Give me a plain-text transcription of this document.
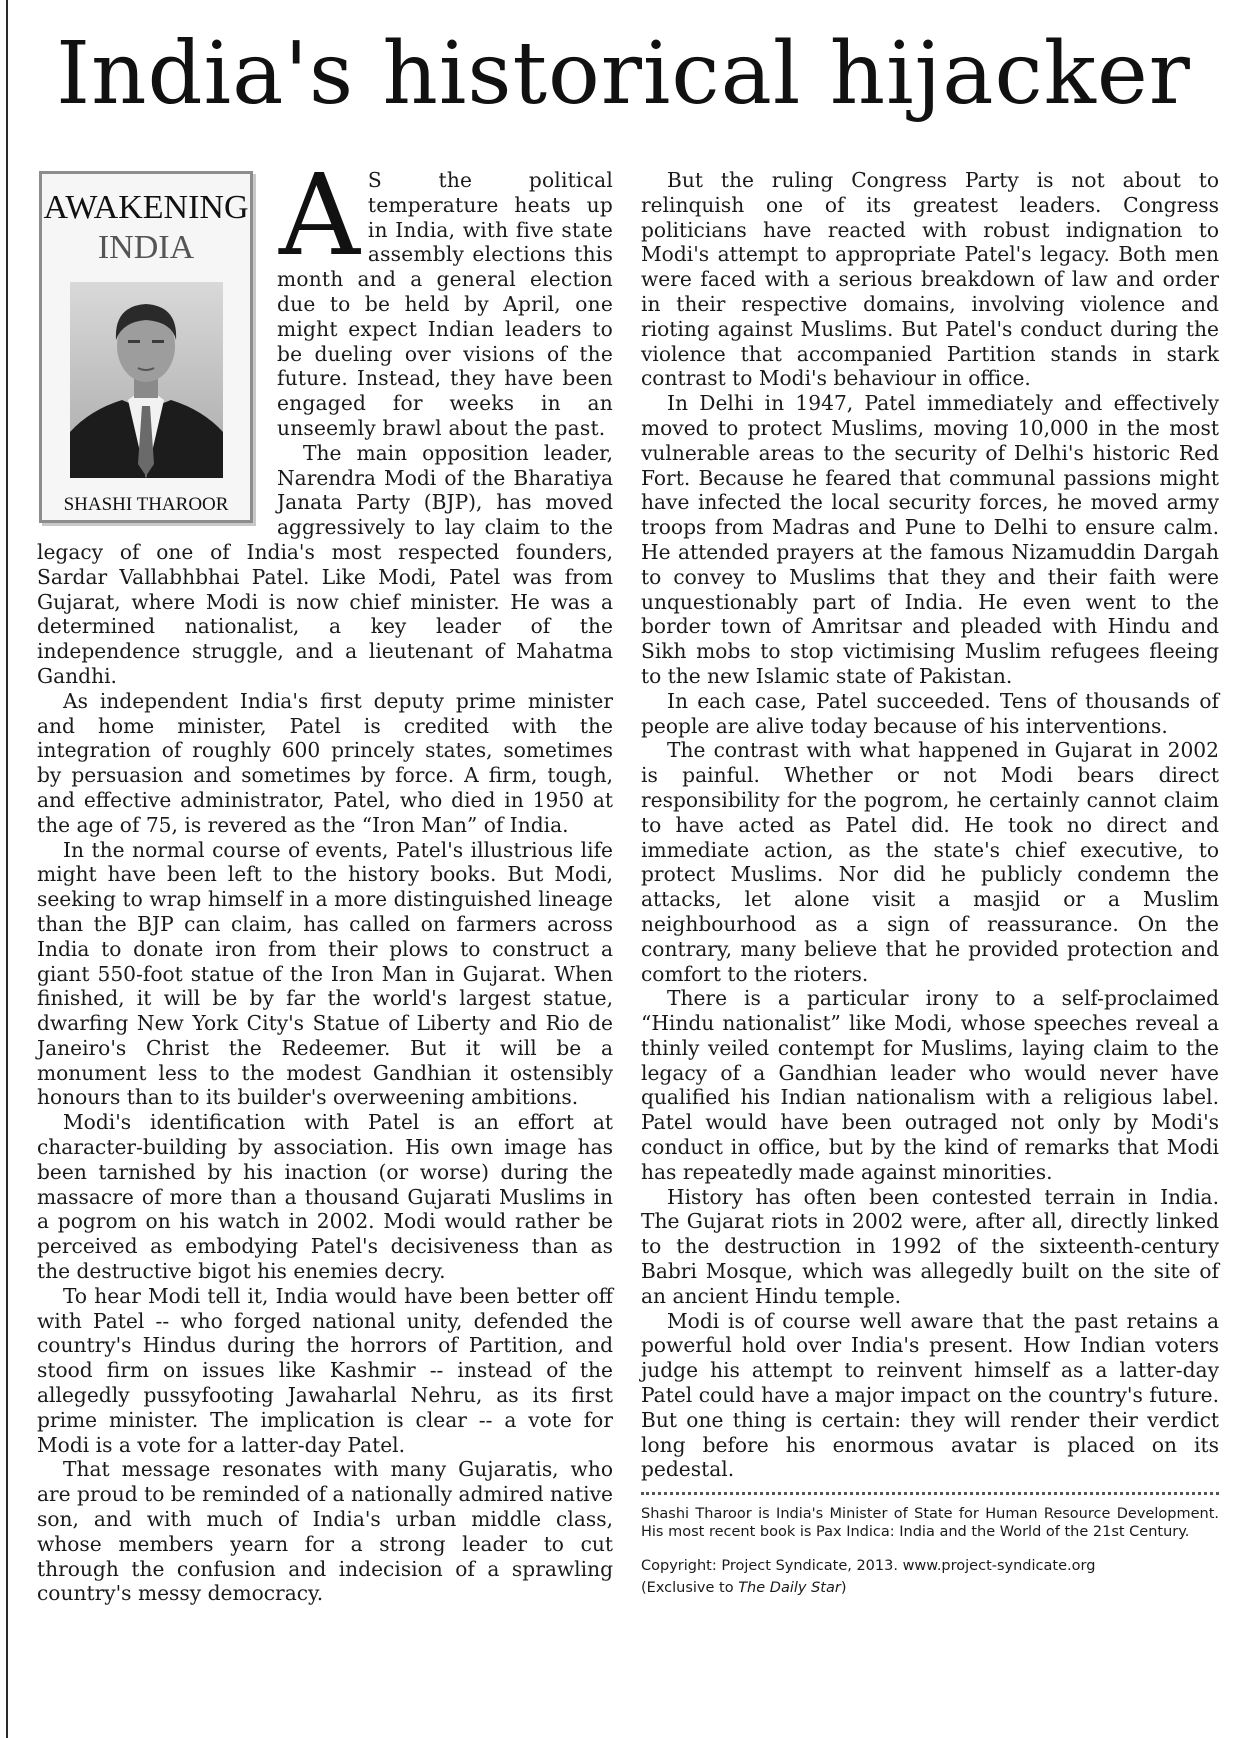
India's historical hijacker
AWAKENING
INDIA
SHASHI THAROOR
A S the political temperature heats up in India, with five state assembly elections this month and a general election due to be held by April, one might expect Indian leaders to be dueling over visions of the future. Instead, they have been engaged for weeks in an unseemly brawl about the past.

The main opposition leader, Narendra Modi of the Bharatiya Janata Party (BJP), has moved aggressively to lay claim to the legacy of one of India's most respected founders, Sardar Vallabhbhai Patel. Like Modi, Patel was from Gujarat, where Modi is now chief minister. He was a determined nationalist, a key leader of the independence struggle, and a lieutenant of Mahatma Gandhi.

As independent India's first deputy prime minister and home minister, Patel is credited with the integration of roughly 600 princely states, sometimes by persuasion and sometimes by force. A firm, tough, and effective administrator, Patel, who died in 1950 at the age of 75, is revered as the “Iron Man” of India.

In the normal course of events, Patel's illustrious life might have been left to the history books. But Modi, seeking to wrap himself in a more distinguished lineage than the BJP can claim, has called on farmers across India to donate iron from their plows to construct a giant 550-foot statue of the Iron Man in Gujarat. When finished, it will be by far the world's largest statue, dwarfing New York City's Statue of Liberty and Rio de Janeiro's Christ the Redeemer. But it will be a monument less to the modest Gandhian it ostensibly honours than to its builder's overweening ambitions.

Modi's identification with Patel is an effort at character-building by association. His own image has been tarnished by his inaction (or worse) during the massacre of more than a thousand Gujarati Muslims in a pogrom on his watch in 2002. Modi would rather be perceived as embodying Patel's decisiveness than as the destructive bigot his enemies decry.

To hear Modi tell it, India would have been better off with Patel -- who forged national unity, defended the country's Hindus during the horrors of Partition, and stood firm on issues like Kashmir -- instead of the allegedly pussyfooting Jawaharlal Nehru, as its first prime minister. The implication is clear -- a vote for Modi is a vote for a latter-day Patel.

That message resonates with many Gujaratis, who are proud to be reminded of a nationally admired native son, and with much of India's urban middle class, whose members yearn for a strong leader to cut through the confusion and indecision of a sprawling country's messy democracy.

But the ruling Congress Party is not about to relinquish one of its greatest leaders. Congress politicians have reacted with robust indignation to Modi's attempt to appropriate Patel's legacy. Both men were faced with a serious breakdown of law and order in their respective domains, involving violence and rioting against Muslims. But Patel's conduct during the violence that accompanied Partition stands in stark contrast to Modi's behaviour in office.

In Delhi in 1947, Patel immediately and effectively moved to protect Muslims, moving 10,000 in the most vulnerable areas to the security of Delhi's historic Red Fort. Because he feared that communal passions might have infected the local security forces, he moved army troops from Madras and Pune to Delhi to ensure calm. He attended prayers at the famous Nizamuddin Dargah to convey to Muslims that they and their faith were unquestionably part of India. He even went to the border town of Amritsar and pleaded with Hindu and Sikh mobs to stop victimising Muslim refugees fleeing to the new Islamic state of Pakistan.

In each case, Patel succeeded. Tens of thousands of people are alive today because of his interventions.

The contrast with what happened in Gujarat in 2002 is painful. Whether or not Modi bears direct responsibility for the pogrom, he certainly cannot claim to have acted as Patel did. He took no direct and immediate action, as the state's chief executive, to protect Muslims. Nor did he publicly condemn the attacks, let alone visit a masjid or a Muslim neighbourhood as a sign of reassurance. On the contrary, many believe that he provided protection and comfort to the rioters.

There is a particular irony to a self-proclaimed “Hindu nationalist” like Modi, whose speeches reveal a thinly veiled contempt for Muslims, laying claim to the legacy of a Gandhian leader who would never have qualified his Indian nationalism with a religious label. Patel would have been outraged not only by Modi's conduct in office, but by the kind of remarks that Modi has repeatedly made against minorities.

History has often been contested terrain in India. The Gujarat riots in 2002 were, after all, directly linked to the destruction in 1992 of the sixteenth-century Babri Mosque, which was allegedly built on the site of an ancient Hindu temple.

Modi is of course well aware that the past retains a powerful hold over India's present. How Indian voters judge his attempt to reinvent himself as a latter-day Patel could have a major impact on the country's future. But one thing is certain: they will render their verdict long before his enormous avatar is placed on its pedestal.

Shashi Tharoor is India's Minister of State for Human Resource Development. His most recent book is Pax Indica: India and the World of the 21st Century.

Copyright: Project Syndicate, 2013. www.project-syndicate.org

(Exclusive to The Daily Star)
